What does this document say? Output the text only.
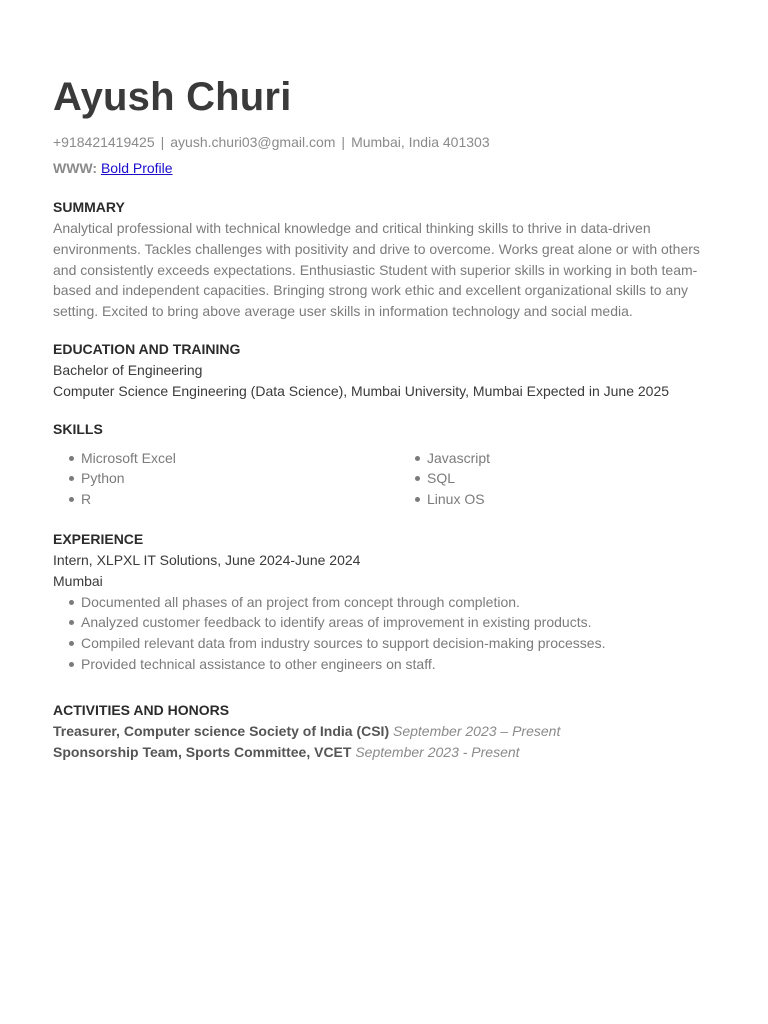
Ayush Churi
+918421419425 | ayush.churi03@gmail.com | Mumbai, India 401303
WWW: Bold Profile
SUMMARY

Analytical professional with technical knowledge and critical thinking skills to thrive in data-driven environments. Tackles challenges with positivity and drive to overcome. Works great alone or with others and consistently exceeds expectations. Enthusiastic Student with superior skills in working in both team-based and independent capacities. Bringing strong work ethic and excellent organizational skills to any setting. Excited to bring above average user skills in information technology and social media.

EDUCATION AND TRAINING

Bachelor of Engineering

Computer Science Engineering (Data Science), Mumbai University, Mumbai Expected in June 2025

SKILLS
Microsoft Excel
Python
R
Javascript
SQL
Linux OS
EXPERIENCE

Intern, XLPXL IT Solutions, June 2024-June 2024

Mumbai

Documented all phases of an project from concept through completion.
Analyzed customer feedback to identify areas of improvement in existing products.
Compiled relevant data from industry sources to support decision-making processes.
Provided technical assistance to other engineers on staff.
ACTIVITIES AND HONORS

Treasurer, Computer science Society of India (CSI) September 2023 – Present

Sponsorship Team, Sports Committee, VCET September 2023 - Present
